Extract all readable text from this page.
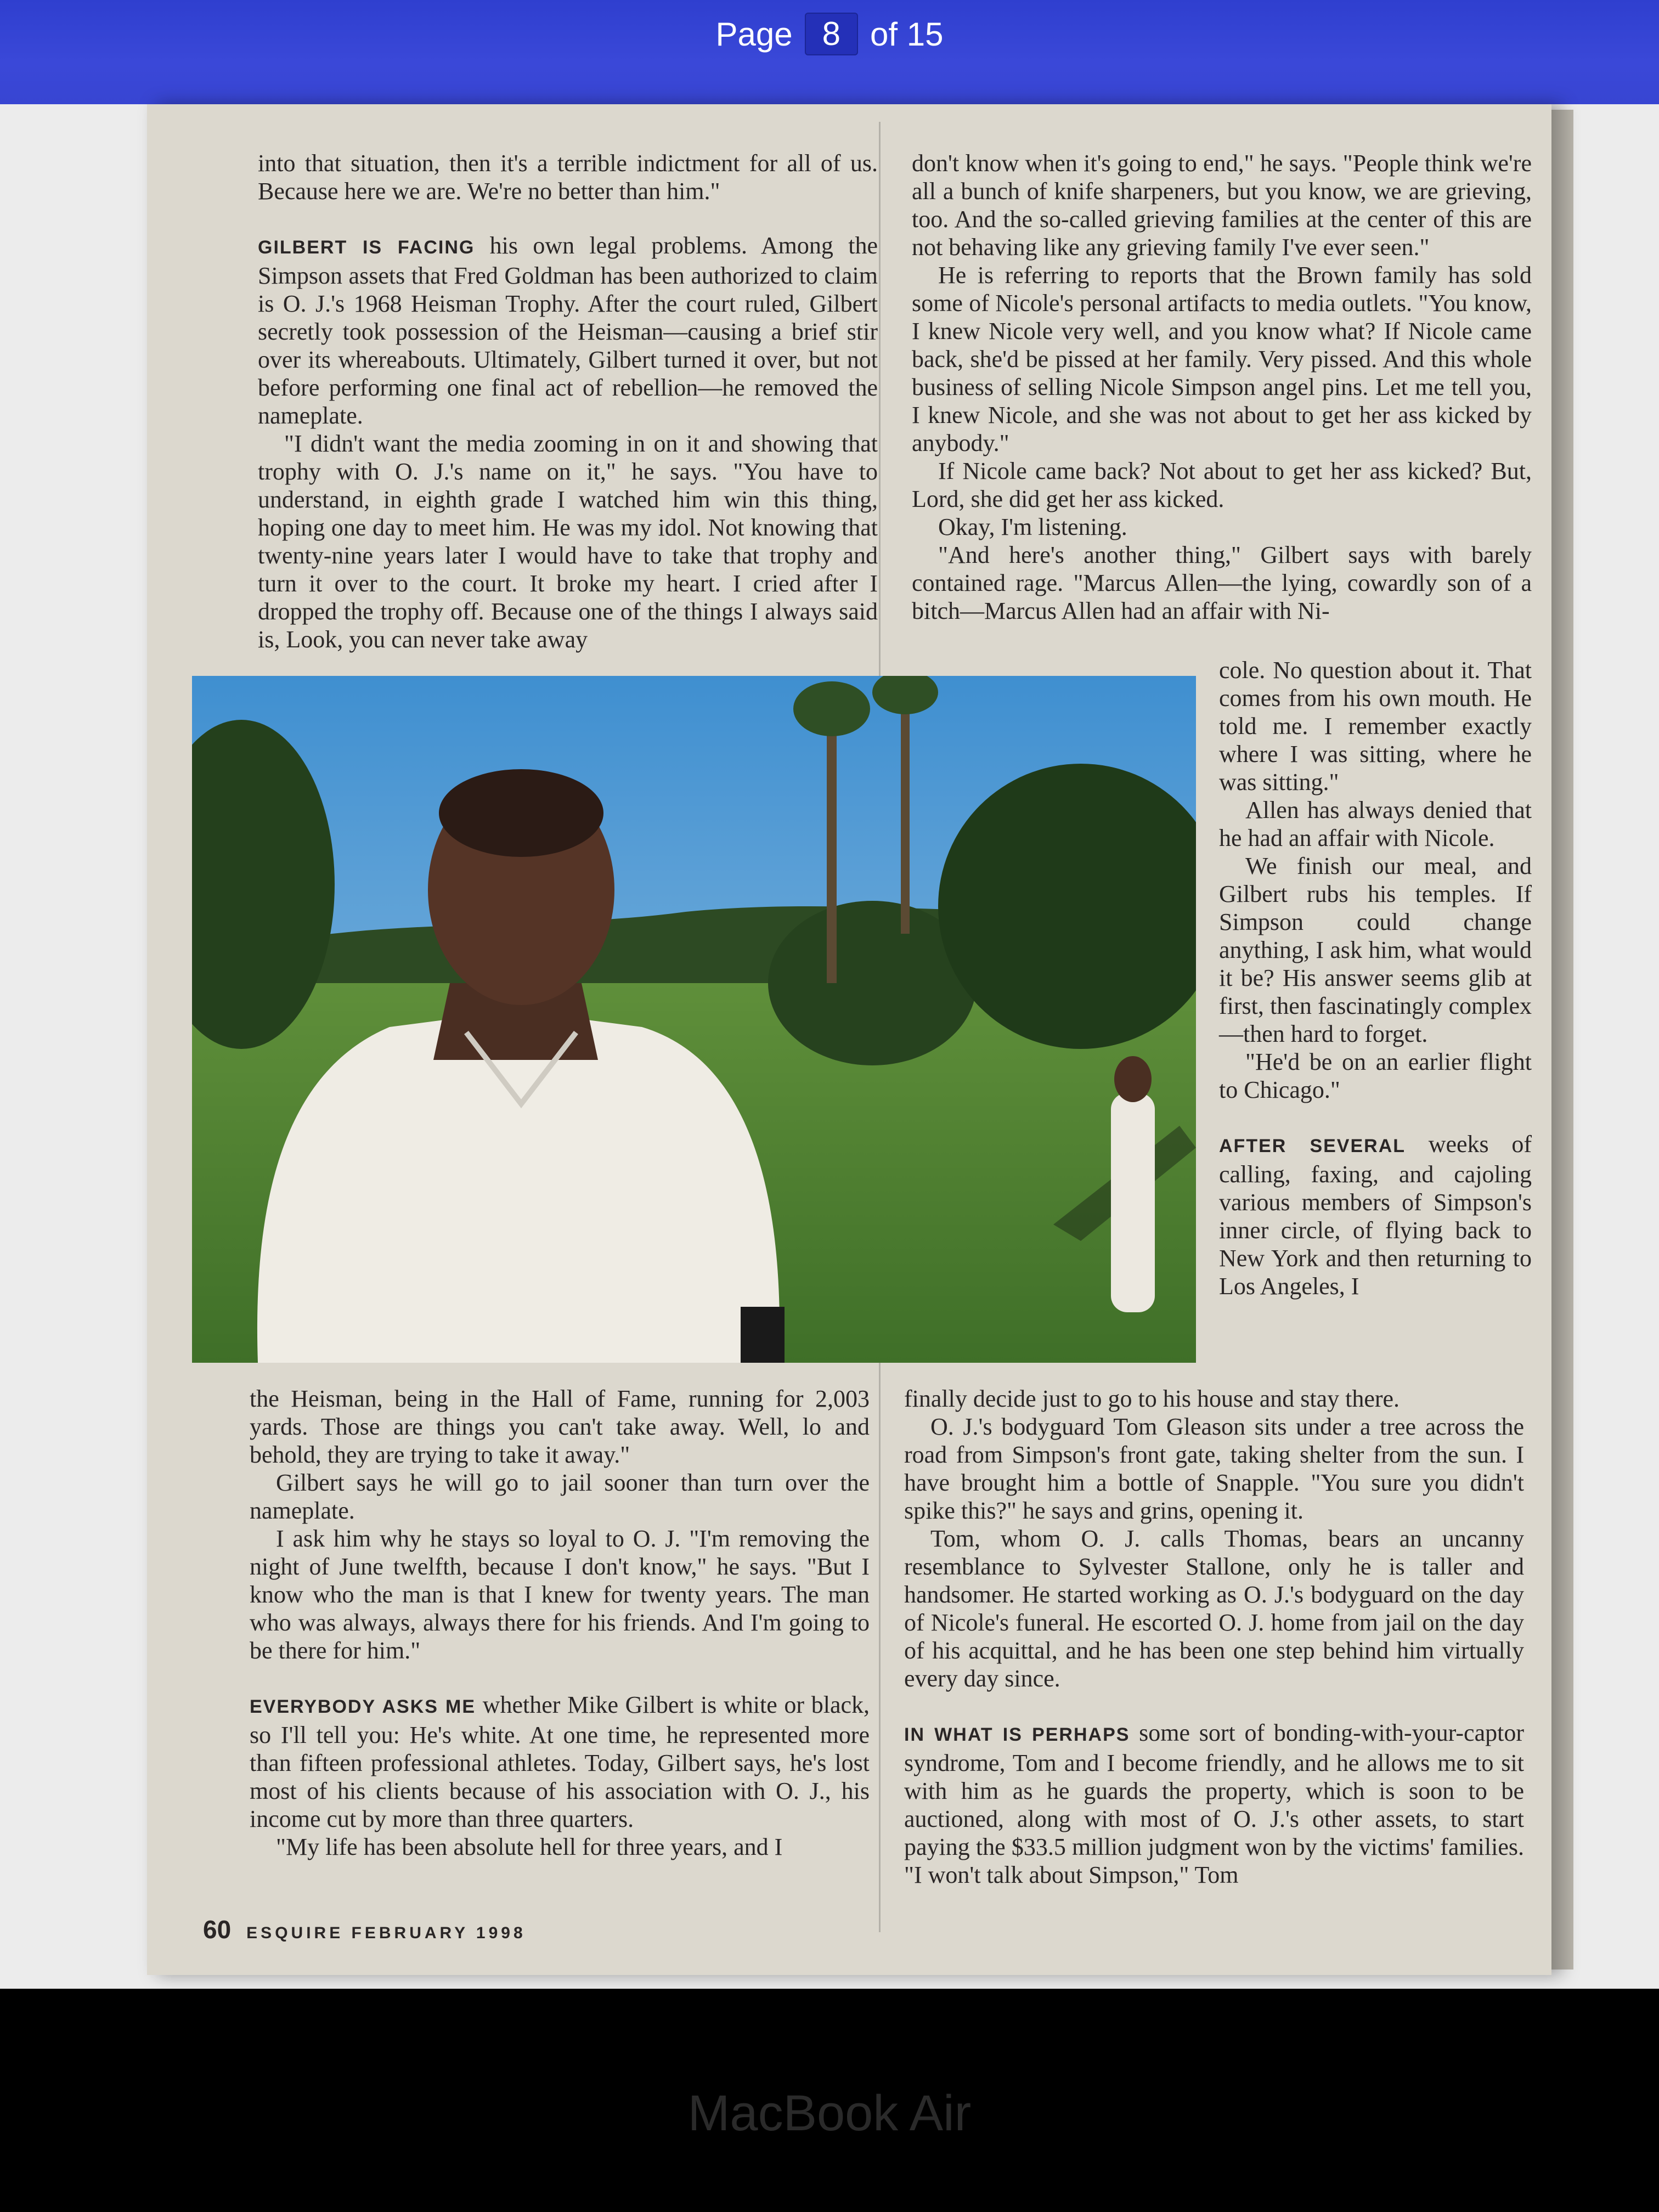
Page 8 of 15

into that situation, then it's a terrible indictment for all of us. Because here we are. We're no better than him."

GILBERT IS FACING his own legal problems. Among the Simpson assets that Fred Goldman has been authorized to claim is O. J.'s 1968 Heisman Trophy. After the court ruled, Gilbert secretly took possession of the Heisman—causing a brief stir over its whereabouts. Ultimately, Gilbert turned it over, but not before performing one final act of rebellion—he removed the nameplate.

"I didn't want the media zooming in on it and showing that trophy with O. J.'s name on it," he says. "You have to understand, in eighth grade I watched him win this thing, hoping one day to meet him. He was my idol. Not knowing that twenty-nine years later I would have to take that trophy and turn it over to the court. It broke my heart. I cried after I dropped the trophy off. Because one of the things I always said is, Look, you can never take away

don't know when it's going to end," he says. "People think we're all a bunch of knife sharpeners, but you know, we are grieving, too. And the so-called grieving families at the center of this are not behaving like any grieving family I've ever seen."

He is referring to reports that the Brown family has sold some of Nicole's personal artifacts to media outlets. "You know, I knew Nicole very well, and you know what? If Nicole came back, she'd be pissed at her family. Very pissed. And this whole business of selling Nicole Simpson angel pins. Let me tell you, I knew Nicole, and she was not about to get her ass kicked by anybody."

If Nicole came back? Not about to get her ass kicked? But, Lord, she did get her ass kicked.

Okay, I'm listening.

"And here's another thing," Gilbert says with barely contained rage. "Marcus Allen—the lying, cowardly son of a bitch—Marcus Allen had an affair with Ni-

cole. No question about it. That comes from his own mouth. He told me. I remember exactly where I was sitting, where he was sitting."

Allen has always denied that he had an affair with Nicole.

We finish our meal, and Gilbert rubs his temples. If Simpson could change anything, I ask him, what would it be? His answer seems glib at first, then fascinatingly complex—then hard to forget.

"He'd be on an earlier flight to Chicago."

AFTER SEVERAL weeks of calling, faxing, and cajoling various members of Simpson's inner circle, of flying back to New York and then returning to Los Angeles, I

the Heisman, being in the Hall of Fame, running for 2,003 yards. Those are things you can't take away. Well, lo and behold, they are trying to take it away."

Gilbert says he will go to jail sooner than turn over the nameplate.

I ask him why he stays so loyal to O. J. "I'm removing the night of June twelfth, because I don't know," he says. "But I know who the man is that I knew for twenty years. The man who was always, always there for his friends. And I'm going to be there for him."

EVERYBODY ASKS ME whether Mike Gilbert is white or black, so I'll tell you: He's white. At one time, he represented more than fifteen professional athletes. Today, Gilbert says, he's lost most of his clients because of his association with O. J., his income cut by more than three quarters.

"My life has been absolute hell for three years, and I

finally decide just to go to his house and stay there.

O. J.'s bodyguard Tom Gleason sits under a tree across the road from Simpson's front gate, taking shelter from the sun. I have brought him a bottle of Snapple. "You sure you didn't spike this?" he says and grins, opening it.

Tom, whom O. J. calls Thomas, bears an uncanny resemblance to Sylvester Stallone, only he is taller and handsomer. He started working as O. J.'s bodyguard on the day of Nicole's funeral. He escorted O. J. home from jail on the day of his acquittal, and he has been one step behind him virtually every day since.

IN WHAT IS PERHAPS some sort of bonding-with-your-captor syndrome, Tom and I become friendly, and he allows me to sit with him as he guards the property, which is soon to be auctioned, along with most of O. J.'s other assets, to start paying the $33.5 million judgment won by the victims' families. "I won't talk about Simpson," Tom

60 ESQUIRE FEBRUARY 1998
MacBook Air
